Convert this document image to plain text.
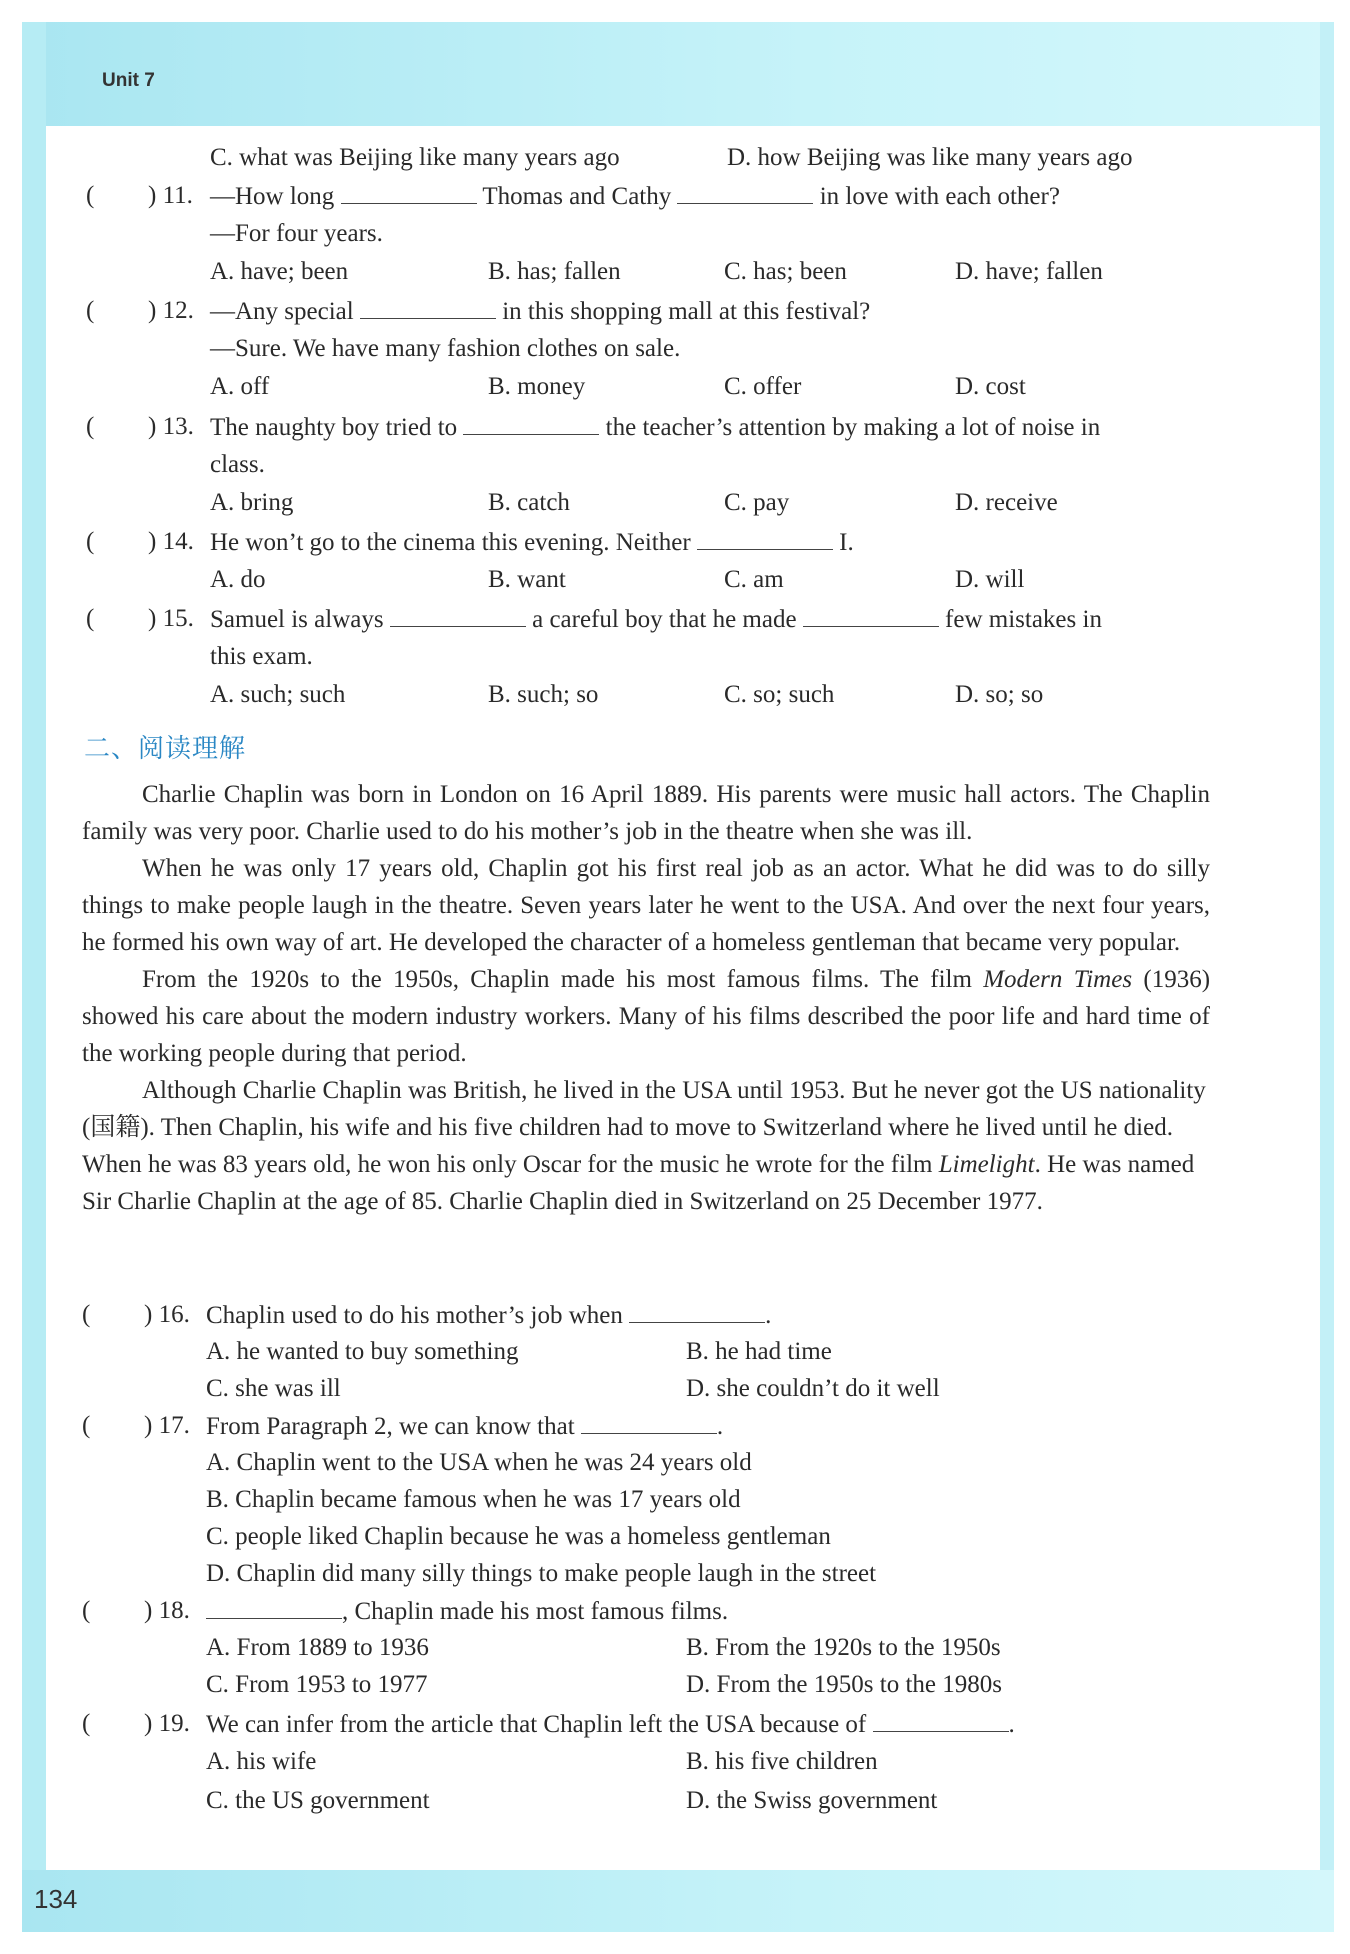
Unit 7
134
C. what was Beijing like many years ago	D. how Beijing was like many years ago
( ) 11. —How long	Thomas and Cathy	in love with each other?
—For four years.
A. have; been	B. has; fallen	C. has; been	D. have; fallen
( ) 12. —Any special	in this shopping mall at this festival?
—Sure. We have many fashion clothes on sale.
A. off	B. money	C. offer	D. cost
( ) 13. The naughty boy tried to	the teacher’s attention by making a lot of noise in
class.
A. bring	B. catch	C. pay	D. receive
( ) 14. He won’t go to the cinema this evening. Neither	I.
A. do	B. want	C. am	D. will
( ) 15. Samuel is always	a careful boy that he made	few mistakes in
this exam.
A. such; such	B. such; so	C. so; such	D. so; so
二、阅读理解

Charlie Chaplin was born in London on 16 April 1889. His parents were music hall actors. The Chaplin family was very poor. Charlie used to do his mother’s job in the theatre when she was ill.

When he was only 17 years old, Chaplin got his first real job as an actor. What he did was to do silly things to make people laugh in the theatre. Seven years later he went to the USA. And over the next four years, he formed his own way of art. He developed the character of a homeless gentleman that became very popular.

From the 1920s to the 1950s, Chaplin made his most famous films. The film Modern Times (1936) showed his care about the modern industry workers. Many of his films described the poor life and hard time of the working people during that period.

Although Charlie Chaplin was British, he lived in the USA until 1953. But he never got the US nationality (国籍). Then Chaplin, his wife and his five children had to move to Switzerland where he lived until he died. When he was 83 years old, he won his only Oscar for the music he wrote for the film Limelight. He was named Sir Charlie Chaplin at the age of 85. Charlie Chaplin died in Switzerland on 25 December 1977.

( ) 16. Chaplin used to do his mother’s job when	.
A. he wanted to buy something	B. he had time
C. she was ill	D. she couldn’t do it well
( ) 17. From Paragraph 2, we can know that	.
A. Chaplin went to the USA when he was 24 years old
B. Chaplin became famous when he was 17 years old
C. people liked Chaplin because he was a homeless gentleman
D. Chaplin did many silly things to make people laugh in the street
( ) 18.	, Chaplin made his most famous films.
A. From 1889 to 1936	B. From the 1920s to the 1950s
C. From 1953 to 1977	D. From the 1950s to the 1980s
( ) 19. We can infer from the article that Chaplin left the USA because of	.
A. his wife	B. his five children
C. the US government	D. the Swiss government
